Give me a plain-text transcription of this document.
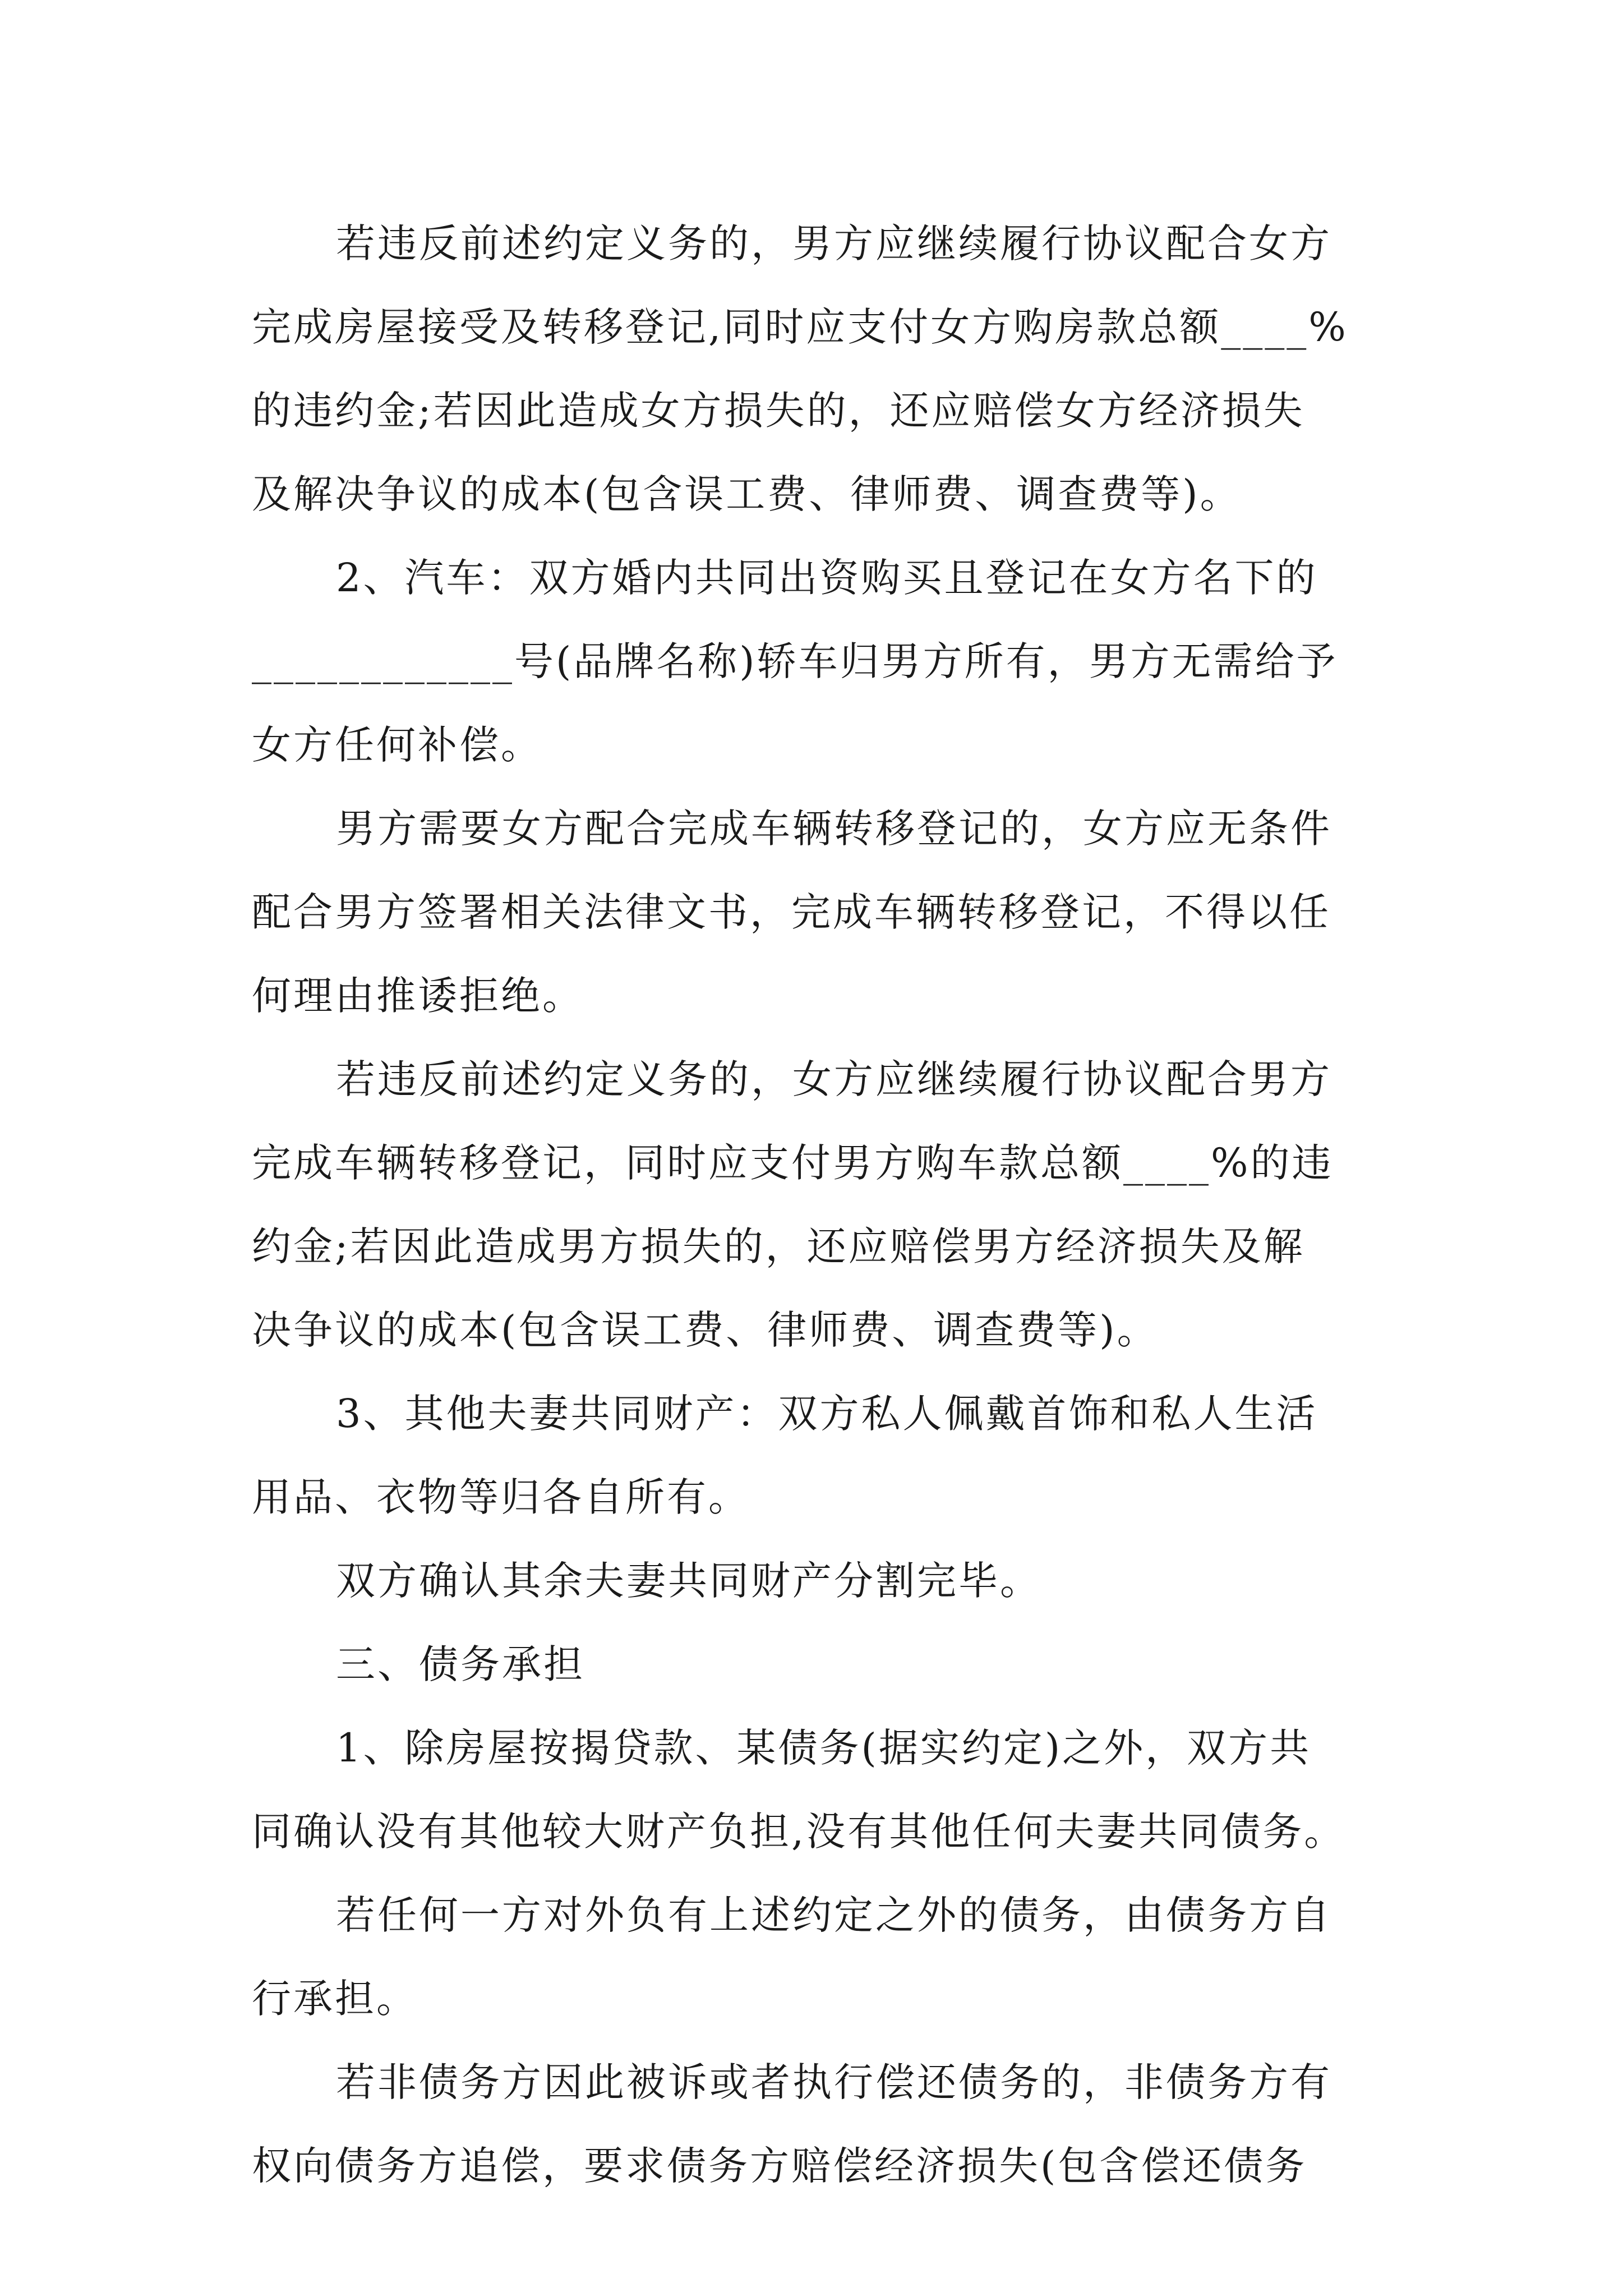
若违反前述约定义务的，男方应继续履行协议配合女方
完成房屋接受及转移登记,同时应支付女方购房款总额____%
的违约金;若因此造成女方损失的，还应赔偿女方经济损失
及解决争议的成本(包含误工费、律师费、调查费等)。
2、汽车：双方婚内共同出资购买且登记在女方名下的
____________号(品牌名称)轿车归男方所有，男方无需给予
女方任何补偿。
男方需要女方配合完成车辆转移登记的，女方应无条件
配合男方签署相关法律文书，完成车辆转移登记，不得以任
何理由推诿拒绝。
若违反前述约定义务的，女方应继续履行协议配合男方
完成车辆转移登记，同时应支付男方购车款总额____%的违
约金;若因此造成男方损失的，还应赔偿男方经济损失及解
决争议的成本(包含误工费、律师费、调查费等)。
3、其他夫妻共同财产：双方私人佩戴首饰和私人生活
用品、衣物等归各自所有。
双方确认其余夫妻共同财产分割完毕。
三、债务承担
1、除房屋按揭贷款、某债务(据实约定)之外，双方共
同确认没有其他较大财产负担,没有其他任何夫妻共同债务。
若任何一方对外负有上述约定之外的债务，由债务方自
行承担。
若非债务方因此被诉或者执行偿还债务的，非债务方有
权向债务方追偿，要求债务方赔偿经济损失(包含偿还债务
